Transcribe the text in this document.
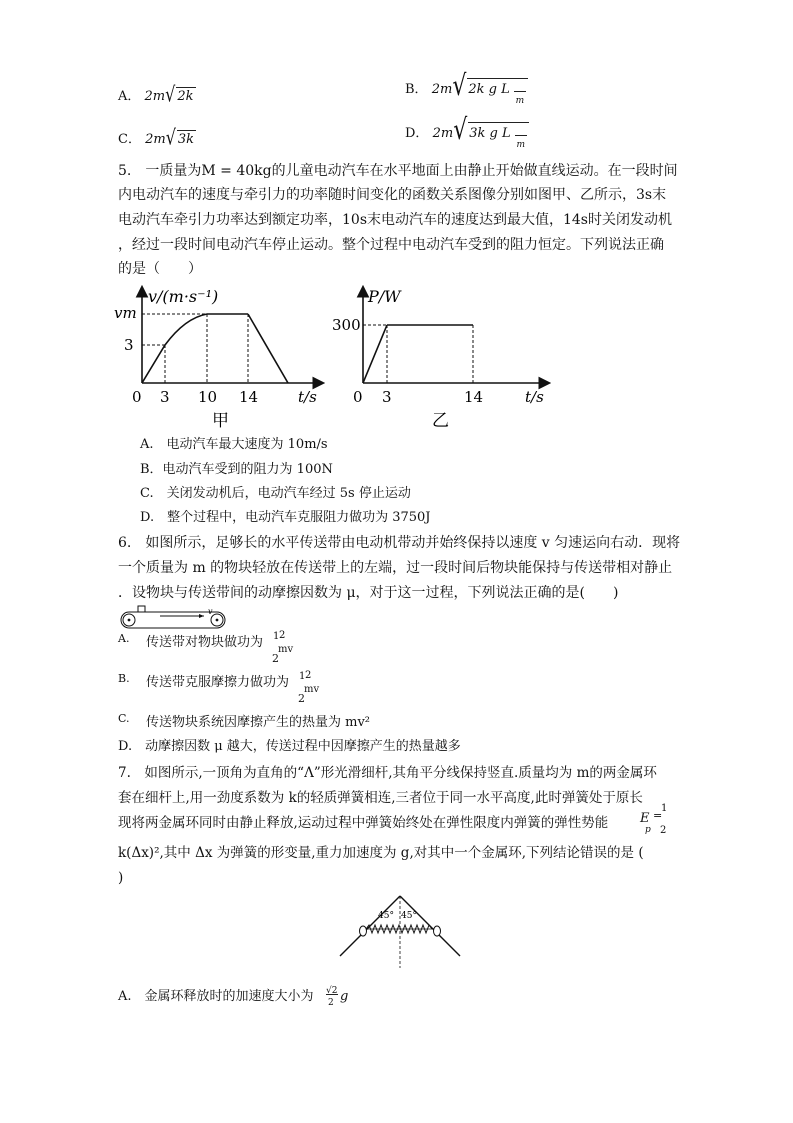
A． 2m√ 2k	B． 2m√ 2k g L
m
C． 2m√ 3k	D． 2m√ 3k g L
m
5.　一质量为M = 40kg的儿童电动汽车在水平地面上由静止开始做直线运动。在一段时间
内电动汽车的速度与牵引力的功率随时间变化的函数关系图像分别如图甲、乙所示，3s末
电动汽车牵引力功率达到额定功率，10s末电动汽车的速度达到最大值，14s时关闭发动机
，经过一段时间电动汽车停止运动。整个过程中电动汽车受到的阻力恒定。下列说法正确
的是（　　）
v/(m·s⁻¹)
vm
3
0 3 10 14	t/s
甲
P/W
300
0 3	14	t/s
乙
A.　电动汽车最大速度为 10m/s
B．电动汽车受到的阻力为 100N
C.　关闭发动机后，电动汽车经过 5s 停止运动
D.　整个过程中，电动汽车克服阻力做功为 3750J
6.　如图所示，足够长的水平传送带由电动机带动并始终保持以速度 v 匀速运向右动．现将
一个质量为 m 的物块轻放在传送带上的左端，过一段时间后物块能保持与传送带相对静止
．设物块与传送带间的动摩擦因数为 μ，对于这一过程，下列说法正确的是(　　)
v
A. 传送带对物块做功为 1 2
mv
2
B. 传送带克服摩擦力做功为 1 2
mv
2
C. 传送物块系统因摩擦产生的热量为 mv²
D.　动摩擦因数 μ 越大，传送过程中因摩擦产生的热量越多
7.　如图所示,一顶角为直角的“Λ”形光滑细杆,其角平分线保持竖直.质量均为 m的两金属环
套在细杆上,用一劲度系数为 k的轻质弹簧相连,三者位于同一水平高度,此时弹簧处于原长
现将两金属环同时由静止释放,运动过程中弹簧始终处在弹性限度内弹簧的弹性势能 E
p
=
1
2
k(Δx)²,其中 Δx 为弹簧的形变量,重力加速度为 g,对其中一个金属环,下列结论错误的是 (
)
45° 45°
A.　金属环释放时的加速度大小为 √2
2 g
